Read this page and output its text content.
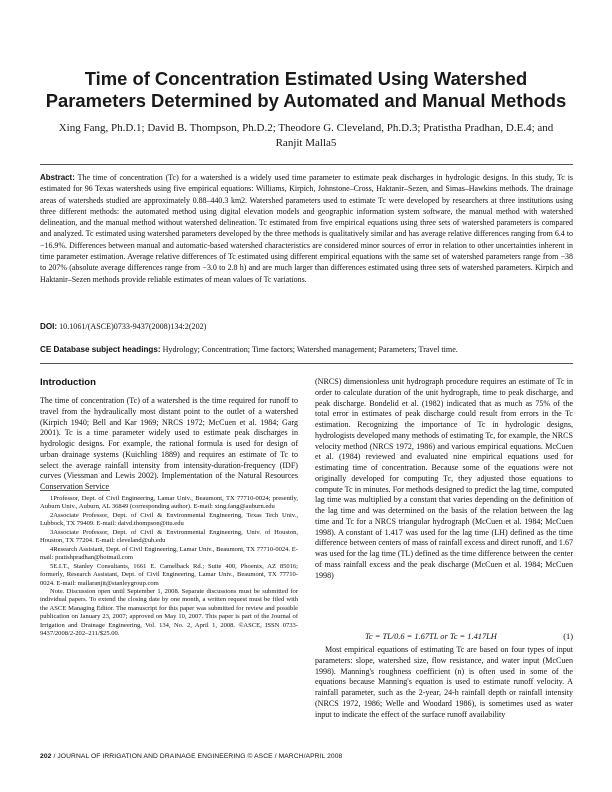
Time of Concentration Estimated Using Watershed Parameters Determined by Automated and Manual Methods
Xing Fang, Ph.D.1; David B. Thompson, Ph.D.2; Theodore G. Cleveland, Ph.D.3; Pratistha Pradhan, D.E.4; and Ranjit Malla5
Abstract: The time of concentration (Tc) for a watershed is a widely used time parameter to estimate peak discharges in hydrologic designs. In this study, Tc is estimated for 96 Texas watersheds using five empirical equations: Williams, Kirpich, Johnstone–Cross, Haktanir–Sezen, and Simas–Hawkins methods. The drainage areas of watersheds studied are approximately 0.88–440.3 km2. Watershed parameters used to estimate Tc were developed by researchers at three institutions using three different methods: the automated method using digital elevation models and geographic information system software, the manual method with watershed delineation, and the manual method without watershed delineation. Tc estimated from five empirical equations using three sets of watershed parameters is compared and analyzed. Tc estimated using watershed parameters developed by the three methods is qualitatively similar and has average relative differences ranging from 6.4 to −16.9%. Differences between manual and automatic-based watershed characteristics are considered minor sources of error in relation to other uncertainties inherent in time parameter estimation. Average relative differences of Tc estimated using different empirical equations with the same set of watershed parameters range from −38 to 207% (absolute average differences range from −3.0 to 2.8 h) and are much larger than differences estimated using three sets of watershed parameters. Kirpich and Haktanir–Sezen methods provide reliable estimates of mean values of Tc variations.
DOI: 10.1061/(ASCE)0733-9437(2008)134:2(202)
CE Database subject headings: Hydrology; Concentration; Time factors; Watershed management; Parameters; Travel time.
Introduction

The time of concentration (Tc) of a watershed is the time required for runoff to travel from the hydraulically most distant point to the outlet of a watershed (Kirpich 1940; Bell and Kar 1969; NRCS 1972; McCuen et al. 1984; Garg 2001). Tc is a time parameter widely used to estimate peak discharges in hydrologic designs. For example, the rational formula is used for design of urban drainage systems (Kuichling 1889) and requires an estimate of Tc to select the average rainfall intensity from intensity-duration-frequency (IDF) curves (Viessman and Lewis 2002). Implementation of the Natural Resources Conservation Service

1Professor, Dept. of Civil Engineering, Lamar Univ., Beaumont, TX 77710-0024; presently, Auburn Univ., Auburn, AL 36849 (corresponding author). E-mail: xing.fang@auburn.edu

2Associate Professor, Dept. of Civil & Environmental Engineering, Texas Tech Univ., Lubbock, TX 79409. E-mail: daivd.thompson@ttu.edu

3Associate Professor, Dept. of Civil & Environmental Engineering, Univ. of Houston, Houston, TX 77204. E-mail: cleveland@uh.edu

4Research Assistant, Dept. of Civil Engineering, Lamar Univ., Beaumont, TX 77710-0024. E-mail: pratishpradhan@hotmail.com

5E.I.T., Stanley Consultants, 1661 E. Camelback Rd.; Suite 400, Phoenix, AZ 85016; formerly, Research Assistant, Dept. of Civil Engineering, Lamar Univ., Beaumont, TX 77710-0024. E-mail: mallaranjit@stanleygroup.com

Note. Discussion open until September 1, 2008. Separate discussions must be submitted for individual papers. To extend the closing date by one month, a written request must be filed with the ASCE Managing Editor. The manuscript for this paper was submitted for review and possible publication on January 23, 2007; approved on May 10, 2007. This paper is part of the Journal of Irrigation and Drainage Engineering, Vol. 134, No. 2, April 1, 2008. ©ASCE, ISSN 0733-9437/2008/2-202–211/$25.00.

(NRCS) dimensionless unit hydrograph procedure requires an estimate of Tc in order to calculate duration of the unit hydrograph, time to peak discharge, and peak discharge. Bondelid et al. (1982) indicated that as much as 75% of the total error in estimates of peak discharge could result from errors in the Tc estimation. Recognizing the importance of Tc in hydrologic designs, hydrologists developed many methods of estimating Tc, for example, the NRCS velocity method (NRCS 1972, 1986) and various empirical equations. McCuen et al. (1984) reviewed and evaluated nine empirical equations used for estimating time of concentration. Because some of the equations were not originally developed for computing Tc, they adjusted those equations to compute Tc in minutes. For methods designed to predict the lag time, computed lag time was multiplied by a constant that varies depending on the definition of the lag time and was determined on the basis of the relation between the lag time and Tc for a NRCS triangular hydrograph (McCuen et al. 1984; McCuen 1998). A constant of 1.417 was used for the lag time (LH) defined as the time difference between centers of mass of rainfall excess and direct runoff, and 1.67 was used for the lag time (TL) defined as the time difference between the center of mass rainfall excess and the peak discharge (McCuen et al. 1984; McCuen 1998)

Tc = TL/0.6 = 1.67TL or Tc = 1.417LH	(1)

Most empirical equations of estimating Tc are based on four types of input parameters: slope, watershed size, flow resistance, and water input (McCuen 1998). Manning's roughness coefficient (n) is often used in some of the equations because Manning's equation is used to estimate runoff velocity. A rainfall parameter, such as the 2-year, 24-h rainfall depth or rainfall intensity (NRCS 1972, 1986; Welle and Woodard 1986), is sometimes used as water input to indicate the effect of the surface runoff availability

202 / JOURNAL OF IRRIGATION AND DRAINAGE ENGINEERING © ASCE / MARCH/APRIL 2008
